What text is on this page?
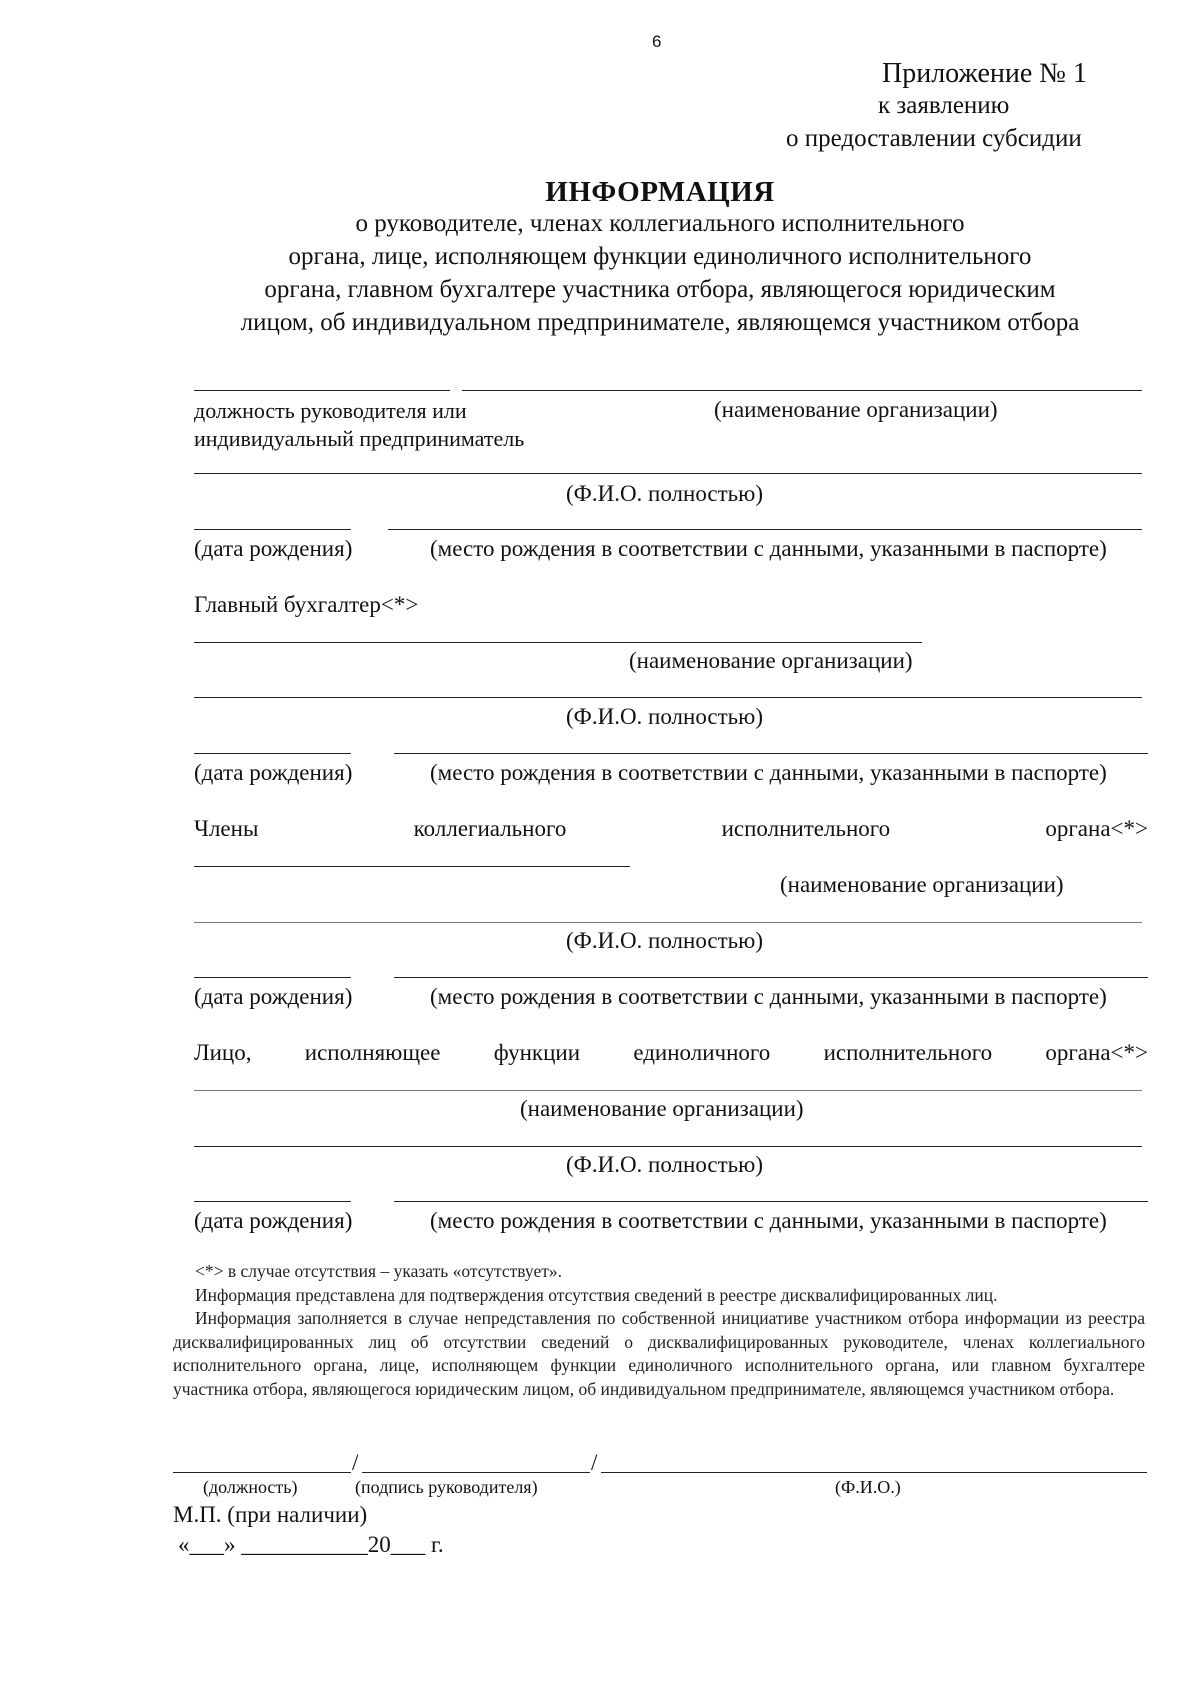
6
Приложение № 1
к заявлению
о предоставлении субсидии
ИНФОРМАЦИЯ
о руководителе, членах коллегиального исполнительного
органа, лице, исполняющем функции единоличного исполнительного
органа, главном бухгалтере участника отбора, являющегося юридическим
лицом, об индивидуальном предпринимателе, являющемся участником отбора
должность руководителя или
индивидуальный предприниматель
(наименование организации)
(Ф.И.О. полностью)
(дата рождения)	(место рождения в соответствии с данными, указанными в паспорте)
Главный бухгалтер<*>
(наименование организации)
(Ф.И.О. полностью)
(дата рождения)	(место рождения в соответствии с данными, указанными в паспорте)
Члены	коллегиального	исполнительного	органа<*>
(наименование организации)
(Ф.И.О. полностью)
(дата рождения)	(место рождения в соответствии с данными, указанными в паспорте)
Лицо, исполняющее функции единоличного исполнительного органа<*>
(наименование организации)
(Ф.И.О. полностью)
(дата рождения)	(место рождения в соответствии с данными, указанными в паспорте)

<*> в случае отсутствия – указать «отсутствует».

Информация представлена для подтверждения отсутствия сведений в реестре дисквалифицированных лиц.

Информация заполняется в случае непредставления по собственной инициативе участником отбора информации из реестра дисквалифицированных лиц об отсутствии сведений о дисквалифицированных руководителе, членах коллегиального исполнительного органа, лице, исполняющем функции единоличного исполнительного органа, или главном бухгалтере участника отбора, являющегося юридическим лицом, об индивидуальном предпринимателе, являющемся участником отбора.

/	/
(должность)	(подпись руководителя)	(Ф.И.О.)
М.П. (при наличии)
«___» ___________20___ г.
